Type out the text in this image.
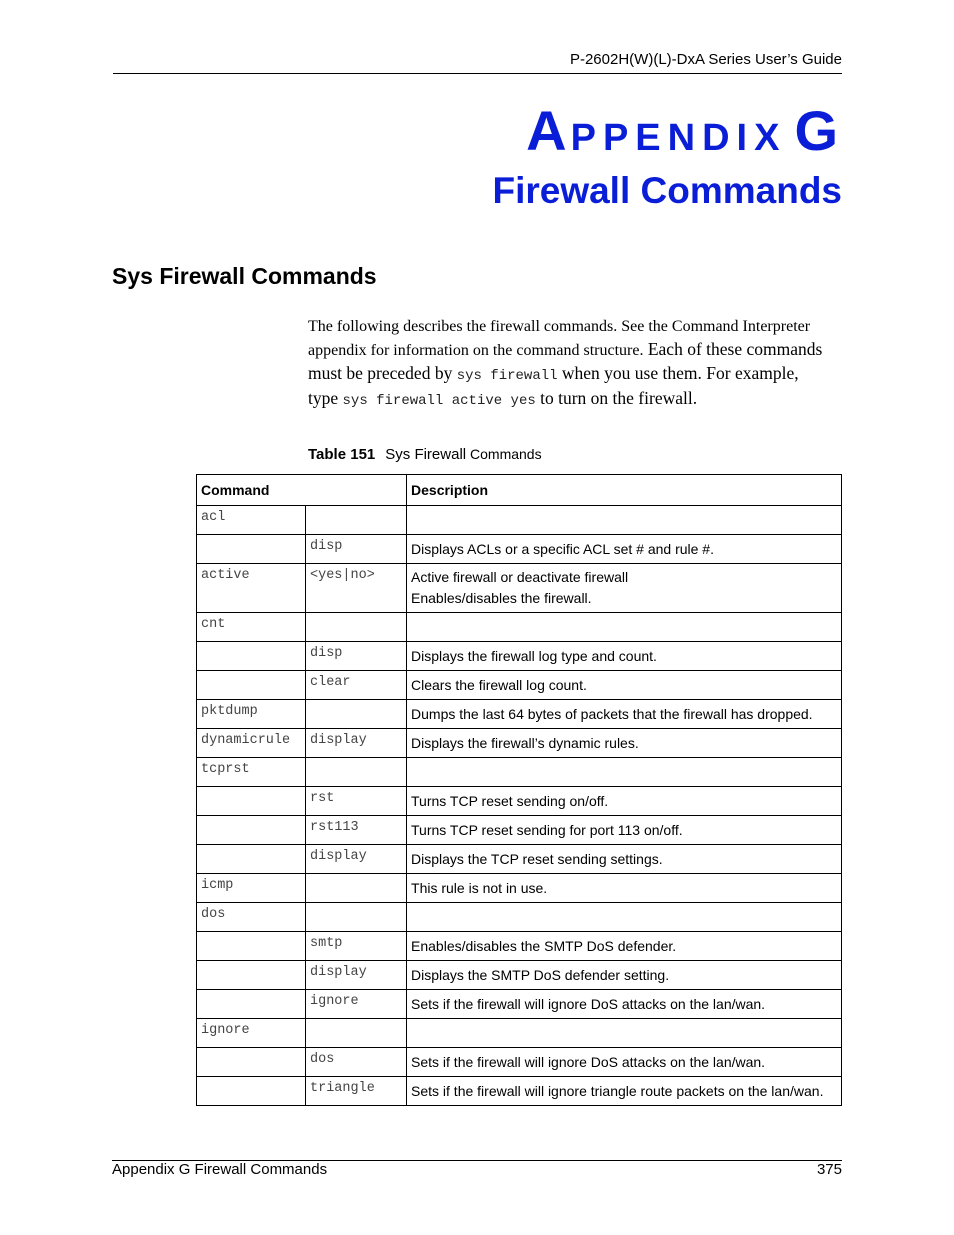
P-2602H(W)(L)-DxA Series User’s Guide
APPENDIX G
Firewall Commands
Sys Firewall Commands
The following describes the firewall commands. See the Command Interpreter appendix for information on the command structure. Each of these commands must be preceded by sys firewall when you use them. For example, type sys firewall active yes to turn on the firewall.
Table 151 Sys Firewall Commands
Command		Description
acl		
	disp	Displays ACLs or a specific ACL set # and rule #.
active	<yes|no>	Active firewall or deactivate firewall
Enables/disables the firewall.

cnt		
	disp	Displays the firewall log type and count.
	clear	Clears the firewall log count.
pktdump		Dumps the last 64 bytes of packets that the firewall has dropped.
dynamicrule	display	Displays the firewall’s dynamic rules.
tcprst		
	rst	Turns TCP reset sending on/off.
	rst113	Turns TCP reset sending for port 113 on/off.
	display	Displays the TCP reset sending settings.
icmp		This rule is not in use.
dos		
	smtp	Enables/disables the SMTP DoS defender.
	display	Displays the SMTP DoS defender setting.
	ignore	Sets if the firewall will ignore DoS attacks on the lan/wan.
ignore		
	dos	Sets if the firewall will ignore DoS attacks on the lan/wan.
	triangle	Sets if the firewall will ignore triangle route packets on the lan/wan.
Appendix G Firewall Commands	375
